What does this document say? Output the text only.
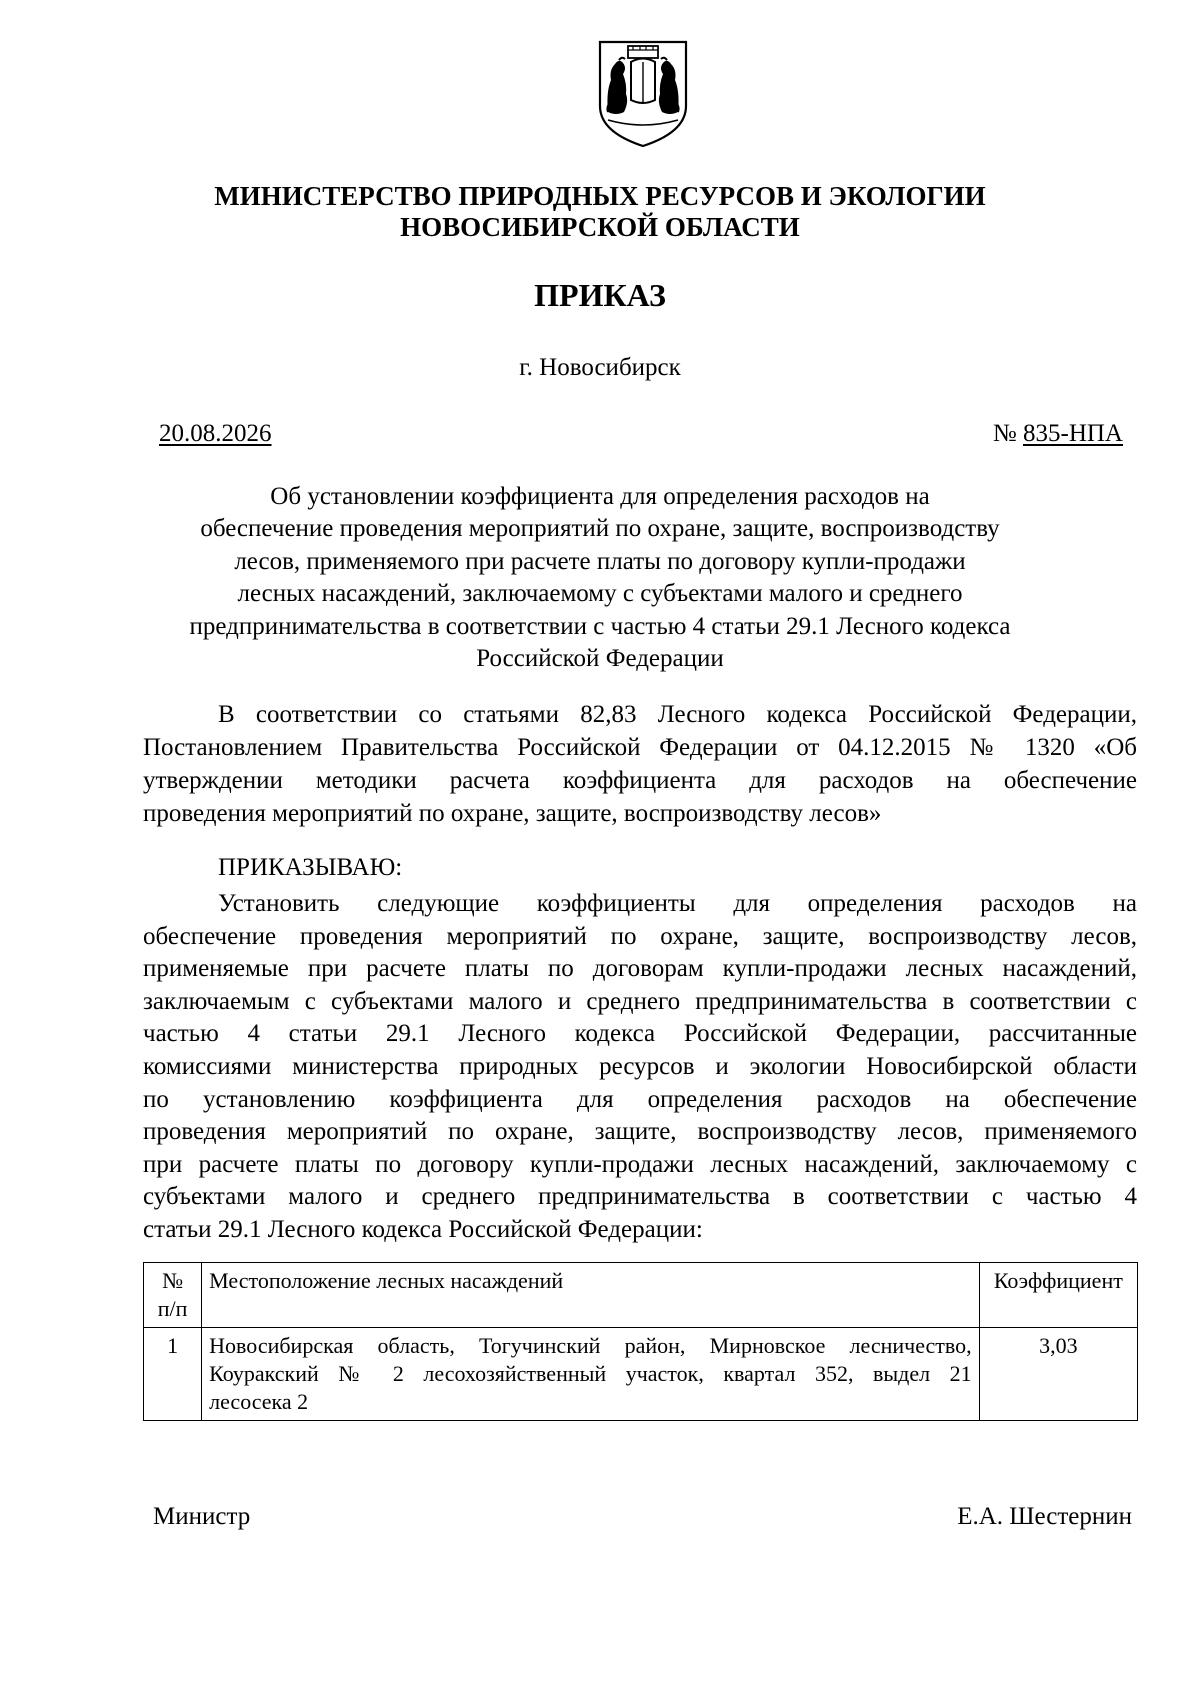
МИНИСТЕРСТВО ПРИРОДНЫХ РЕСУРСОВ И ЭКОЛОГИИ
НОВОСИБИРСКОЙ ОБЛАСТИ
ПРИКАЗ
г. Новосибирск
20.08.2026	№ 835-НПА
Об установлении коэффициента для определения расходов на
обеспечение проведения мероприятий по охране, защите, воспроизводству
лесов, применяемого при расчете платы по договору купли-продажи
лесных насаждений, заключаемому с субъектами малого и среднего
предпринимательства в соответствии с частью 4 статьи 29.1 Лесного кодекса
Российской Федерации
В соответствии со статьями 82,83 Лесного кодекса Российской Федерации,
Постановлением Правительства Российской Федерации от 04.12.2015 № 1320 «Об
утверждении методики расчета коэффициента для расходов на обеспечение
проведения мероприятий по охране, защите, воспроизводству лесов»
ПРИКАЗЫВАЮ:
Установить следующие коэффициенты для определения расходов на
обеспечение проведения мероприятий по охране, защите, воспроизводству лесов,
применяемые при расчете платы по договорам купли-продажи лесных насаждений,
заключаемым с субъектами малого и среднего предпринимательства в соответствии с
частью 4 статьи 29.1 Лесного кодекса Российской Федерации, рассчитанные
комиссиями министерства природных ресурсов и экологии Новосибирской области
по установлению коэффициента для определения расходов на обеспечение
проведения мероприятий по охране, защите, воспроизводству лесов, применяемого
при расчете платы по договору купли-продажи лесных насаждений, заключаемому с
субъектами малого и среднего предпринимательства в соответствии с частью 4
статьи 29.1 Лесного кодекса Российской Федерации:
№
п/п	Местоположение лесных насаждений	Коэффициент
1	Новосибирская область, Тогучинский район, Мирновское лесничество,
Коуракский № 2 лесохозяйственный участок, квартал 352, выдел 21
лесосека 2	3,03
Министр	Е.А. Шестернин
